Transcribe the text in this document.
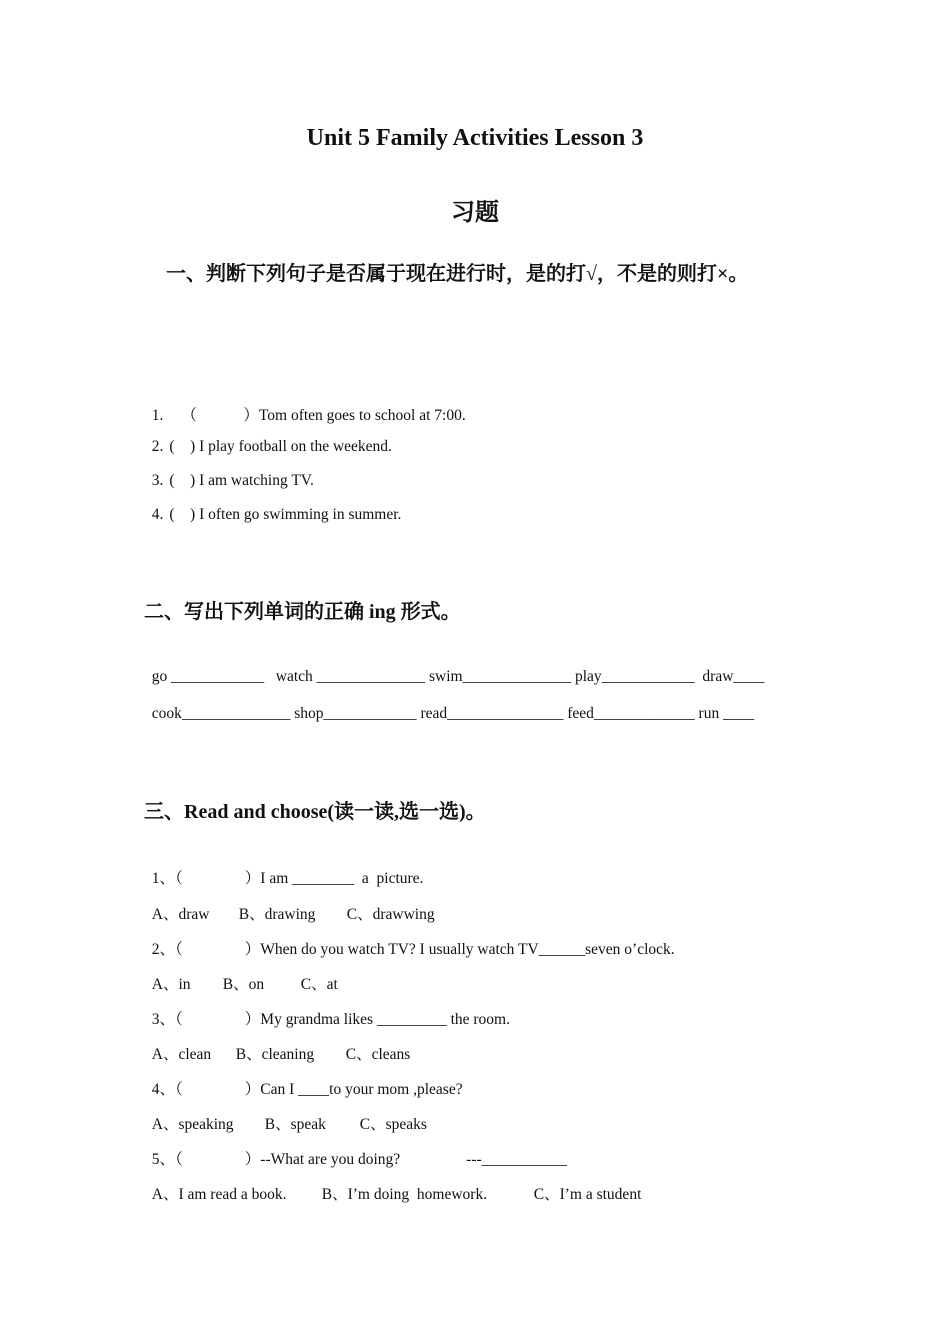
Unit 5 Family Activities Lesson 3
习题
一、判断下列句子是否属于现在进行时，是的打√，不是的则打×。

1. （            ）Tom often goes to school at 7:00.

2. (    ) I play football on the weekend.

3. (    ) I am watching TV.

4. (    ) I often go swimming in summer.

二、写出下列单词的正确 ing 形式。

go ____________ watch ______________ swim______________ play____________ draw____

cook______________ shop____________ read_______________ feed_____________ run ____

三、Read and choose(读一读,选一选)。

1、（                ）I am ________  a  picture.

A、draw B、drawing C、drawwing

2、（                ）When do you watch TV? I usually watch TV______seven o’clock.

A、in B、on C、at

3、（                ）My grandma likes _________ the room.

A、clean B、cleaning C、cleans

4、（                ）Can I ____to your mom ,please?

A、speaking B、speak C、speaks

5、（                ）--What are you doing?	---___________

A、I am read a book. B、I’m doing  homework.	C、I’m a student
